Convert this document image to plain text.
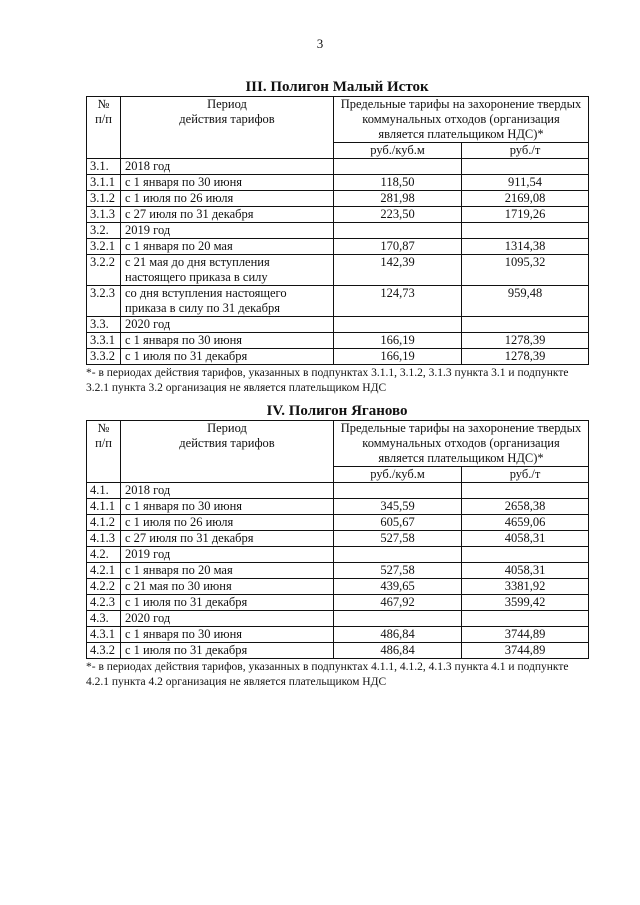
3
III. Полигон Малый Исток
№
п/п	Период
действия тарифов	Предельные тарифы на захоронение твердых коммунальных отходов (организация является плательщиком НДС)*	
		руб./куб.м	руб./т
3.1.	2018 год		
3.1.1	с 1 января по 30 июня	118,50	911,54
3.1.2	с 1 июля по 26 июля	281,98	2169,08
3.1.3	с 27 июля по 31 декабря	223,50	1719,26
3.2.	2019 год		
3.2.1	с 1 января по 20 мая	170,87	1314,38
3.2.2	с 21 мая до дня вступления настоящего приказа в силу	142,39	1095,32
3.2.3	со дня вступления настоящего приказа в силу по 31 декабря	124,73	959,48
3.3.	2020 год		
3.3.1	с 1 января по 30 июня	166,19	1278,39
3.3.2	с 1 июля по 31 декабря	166,19	1278,39
*- в периодах действия тарифов, указанных в подпунктах 3.1.1, 3.1.2, 3.1.3 пункта 3.1 и подпункте 3.2.1 пункта 3.2 организация не является плательщиком НДС
IV. Полигон Яганово
№
п/п	Период
действия тарифов	Предельные тарифы на захоронение твердых коммунальных отходов (организация является плательщиком НДС)*	
		руб./куб.м	руб./т
4.1.	2018 год		
4.1.1	с 1 января по 30 июня	345,59	2658,38
4.1.2	с 1 июля по 26 июля	605,67	4659,06
4.1.3	с 27 июля по 31 декабря	527,58	4058,31
4.2.	2019 год		
4.2.1	с 1 января по 20 мая	527,58	4058,31
4.2.2	с 21 мая по 30 июня	439,65	3381,92
4.2.3	с 1 июля по 31 декабря	467,92	3599,42
4.3.	2020 год		
4.3.1	с 1 января по 30 июня	486,84	3744,89
4.3.2	с 1 июля по 31 декабря	486,84	3744,89
*- в периодах действия тарифов, указанных в подпунктах 4.1.1, 4.1.2, 4.1.3 пункта 4.1 и подпункте 4.2.1 пункта 4.2 организация не является плательщиком НДС
